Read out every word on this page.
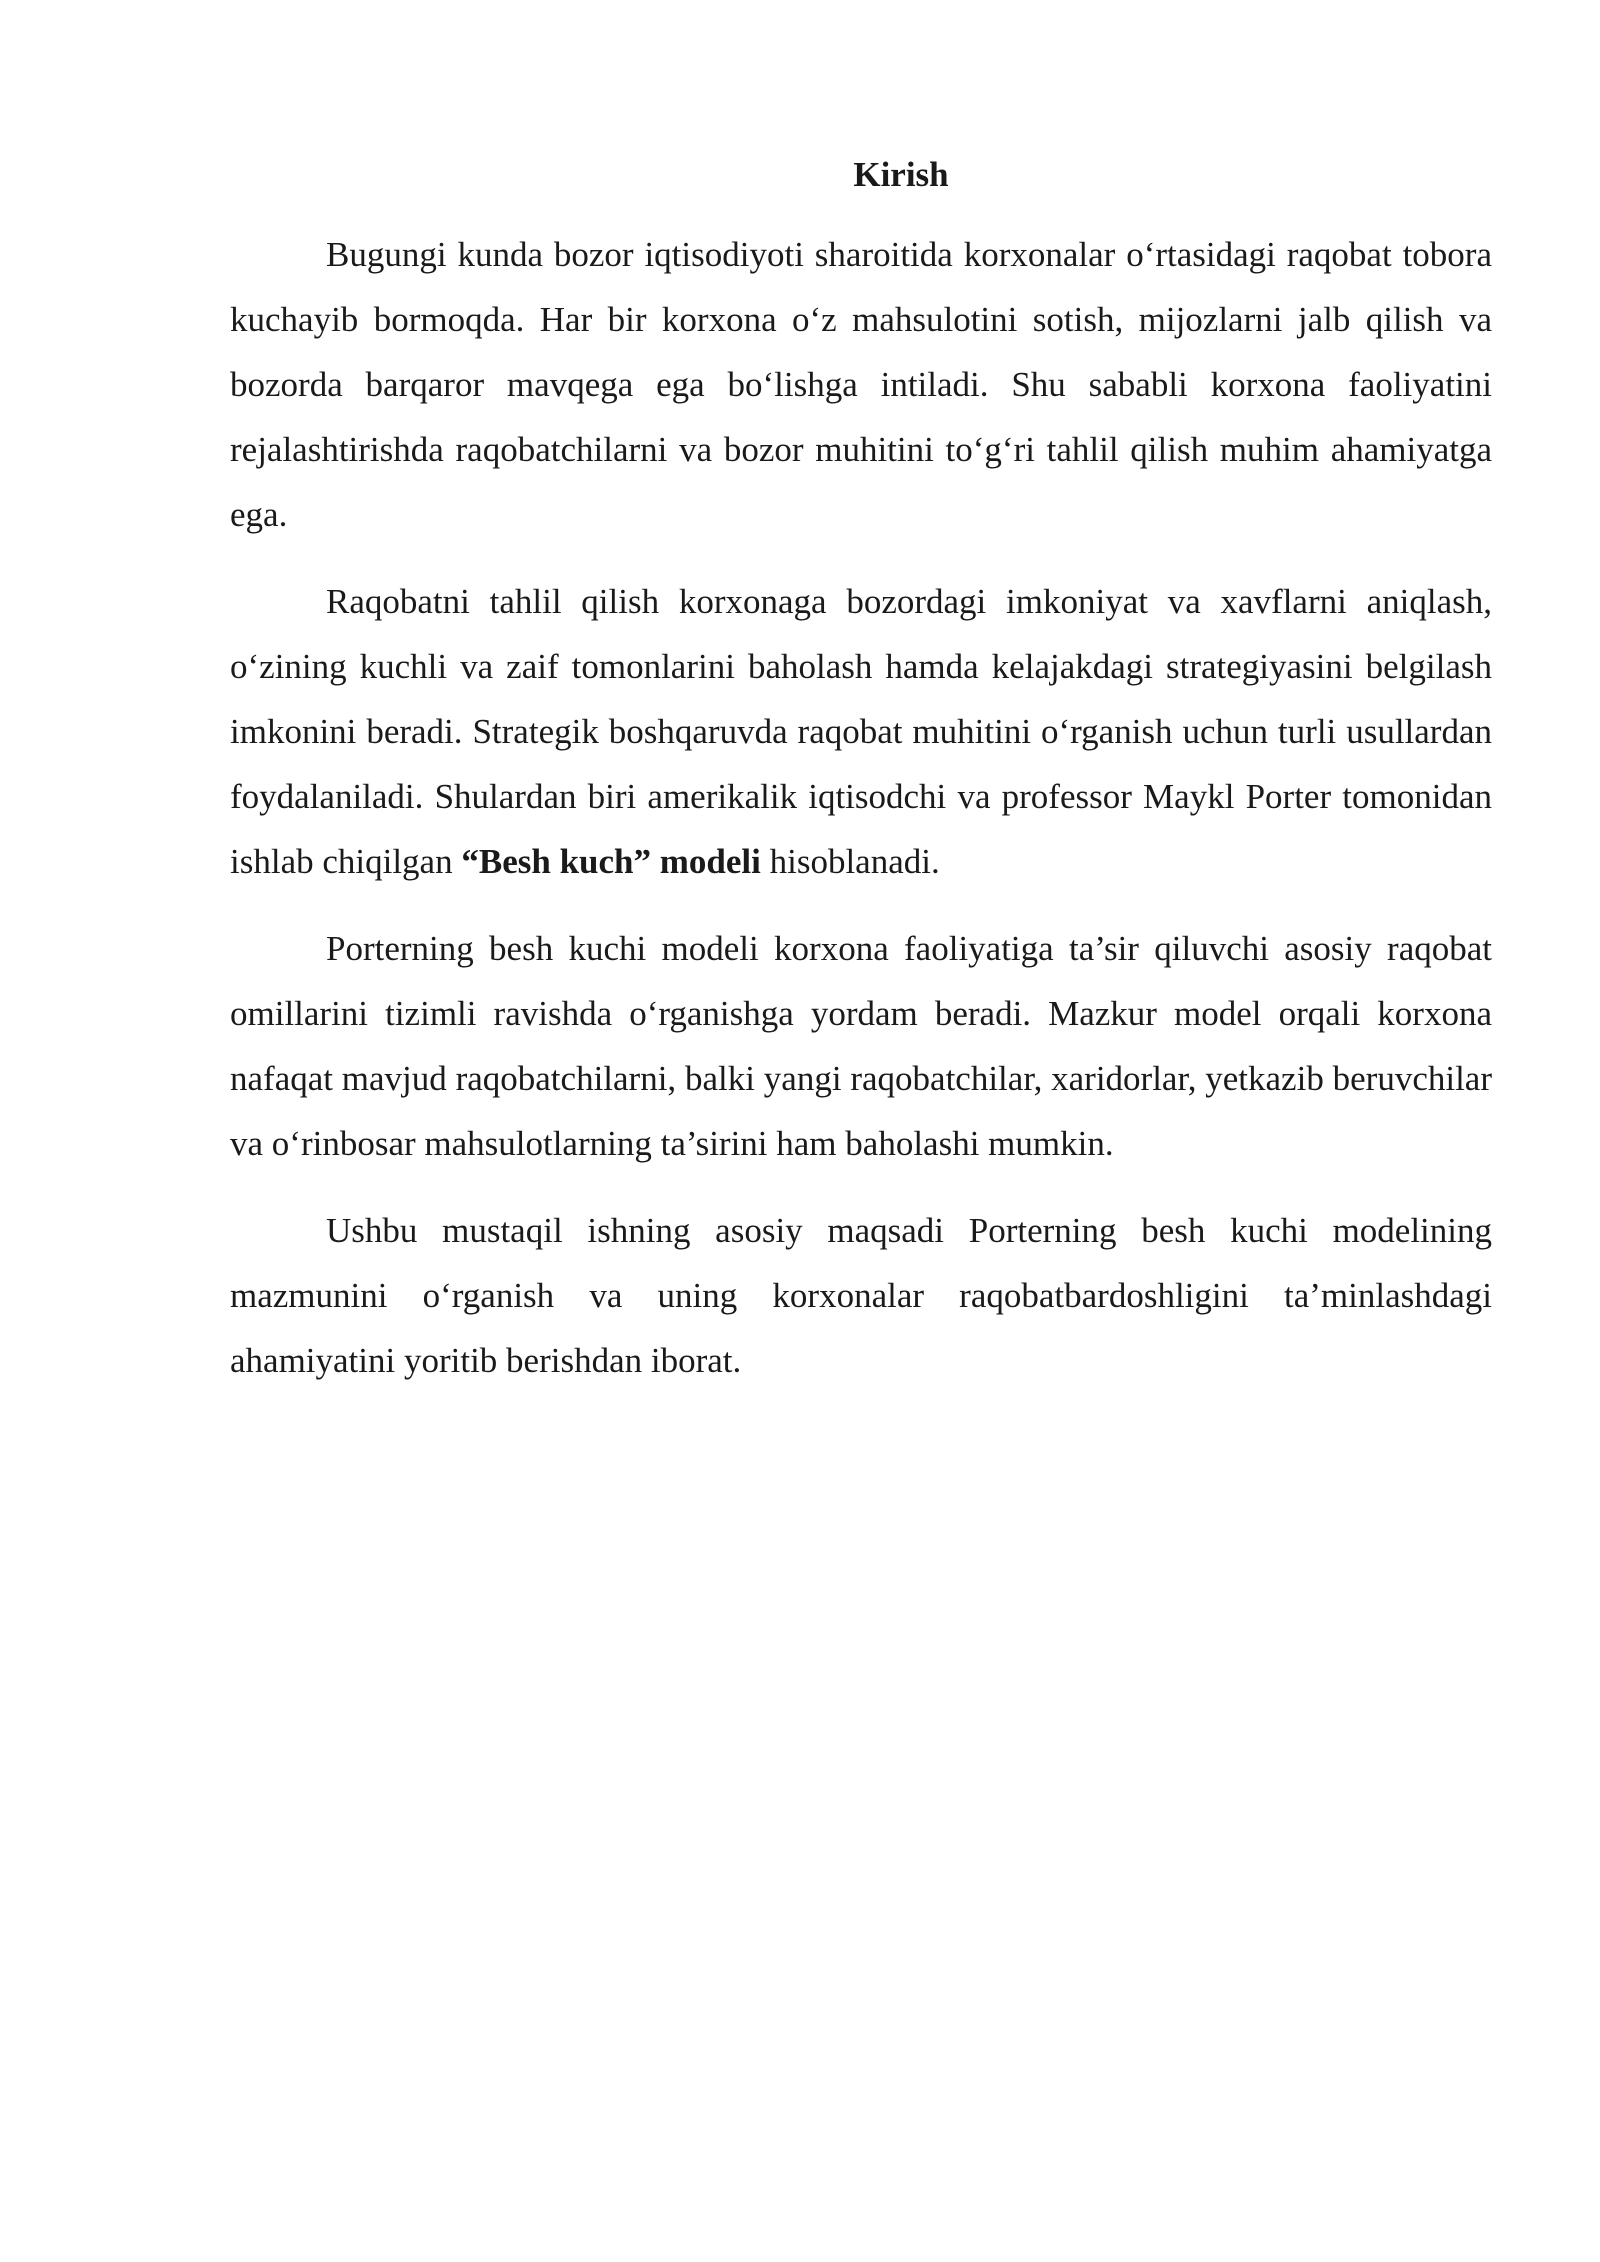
Kirish

Bugungi kunda bozor iqtisodiyoti sharoitida korxonalar o‘rtasidagi raqobat tobora kuchayib bormoqda. Har bir korxona o‘z mahsulotini sotish, mijozlarni jalb qilish va bozorda barqaror mavqega ega bo‘lishga intiladi. Shu sababli korxona faoliyatini rejalashtirishda raqobatchilarni va bozor muhitini to‘g‘ri tahlil qilish muhim ahamiyatga ega.

Raqobatni tahlil qilish korxonaga bozordagi imkoniyat va xavflarni aniqlash, o‘zining kuchli va zaif tomonlarini baholash hamda kelajakdagi strategiyasini belgilash imkonini beradi. Strategik boshqaruvda raqobat muhitini o‘rganish uchun turli usullardan foydalaniladi. Shulardan biri amerikalik iqtisodchi va professor Maykl Porter tomonidan ishlab chiqilgan “Besh kuch” modeli hisoblanadi.

Porterning besh kuchi modeli korxona faoliyatiga ta’sir qiluvchi asosiy raqobat omillarini tizimli ravishda o‘rganishga yordam beradi. Mazkur model orqali korxona nafaqat mavjud raqobatchilarni, balki yangi raqobatchilar, xaridorlar, yetkazib beruvchilar va o‘rinbosar mahsulotlarning ta’sirini ham baholashi mumkin.

Ushbu mustaqil ishning asosiy maqsadi Porterning besh kuchi modelining mazmunini o‘rganish va uning korxonalar raqobatbardoshligini ta’minlashdagi ahamiyatini yoritib berishdan iborat.
